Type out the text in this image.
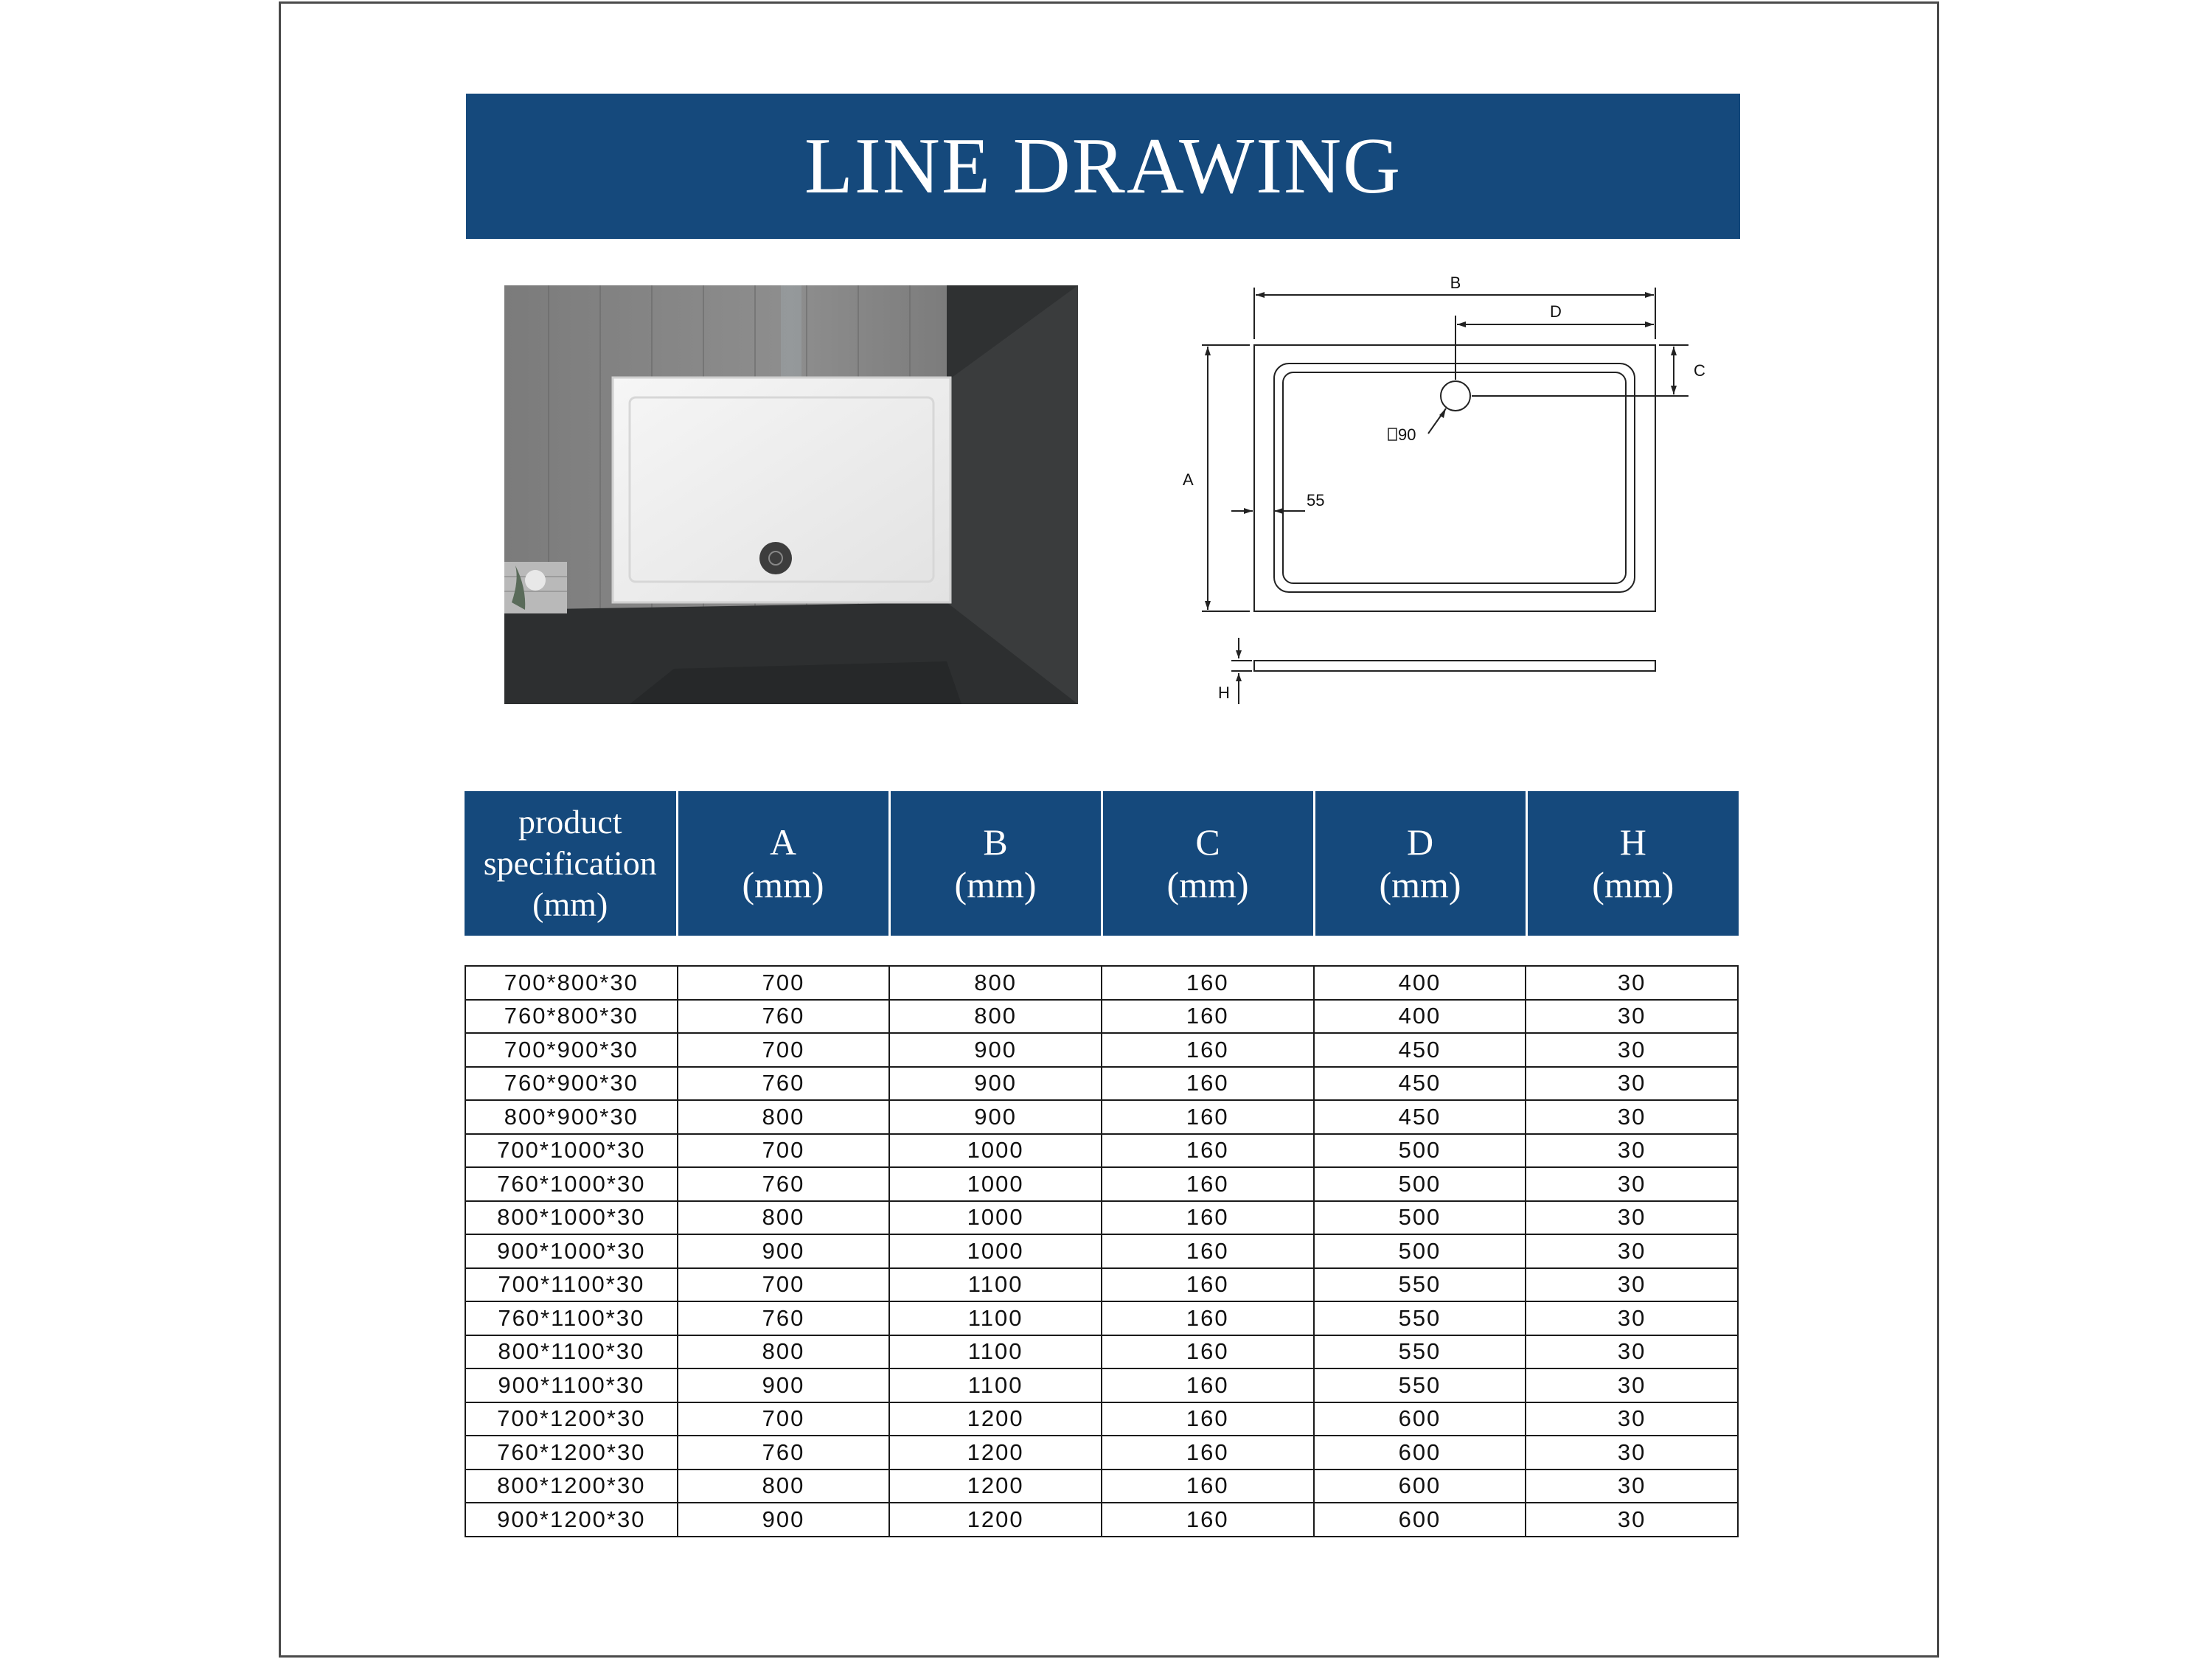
LINE DRAWING
B
D
C
A
90
55
H
product
specification
(mm)

A
(mm)

B
(mm)

C
(mm)

D
(mm)

H
(mm)
700*800*30	700	800	160	400	30
760*800*30	760	800	160	400	30
700*900*30	700	900	160	450	30
760*900*30	760	900	160	450	30
800*900*30	800	900	160	450	30
700*1000*30	700	1000	160	500	30
760*1000*30	760	1000	160	500	30
800*1000*30	800	1000	160	500	30
900*1000*30	900	1000	160	500	30
700*1100*30	700	1100	160	550	30
760*1100*30	760	1100	160	550	30
800*1100*30	800	1100	160	550	30
900*1100*30	900	1100	160	550	30
700*1200*30	700	1200	160	600	30
760*1200*30	760	1200	160	600	30
800*1200*30	800	1200	160	600	30
900*1200*30	900	1200	160	600	30
